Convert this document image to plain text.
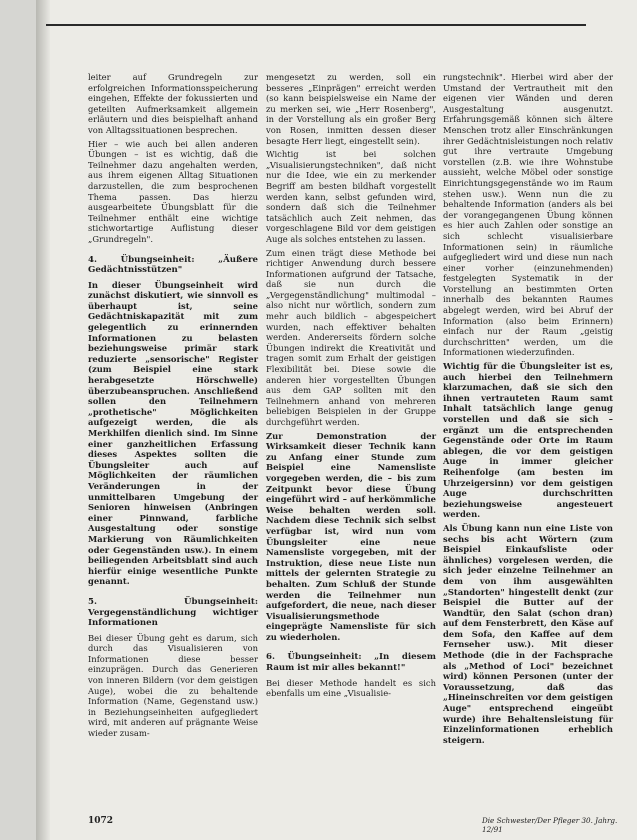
leiter auf Grundregeln zur erfolgreichen Informationsspeicherung eingehen, Effekte der fokussierten und geteilten Aufmerksamkeit allgemein erläutern und dies beispielhaft anhand von Alltagssituationen besprechen.

Hier – wie auch bei allen anderen Übungen – ist es wichtig, daß die Teilnehmer dazu angehalten werden, aus ihrem eigenen Alltag Situationen darzustellen, die zum besprochenen Thema passen. Das hierzu ausgearbeitete Übungsblatt für die Teilnehmer enthält eine wichtige stichwortartige Auflistung dieser „Grundregeln".

4. Übungseinheit: „Äußere Gedächtnisstützen"

In dieser Übungseinheit wird zunächst diskutiert, wie sinnvoll es überhaupt ist, seine Gedächtniskapazität mit zum gelegentlich zu erinnernden Informationen zu belasten beziehungsweise primär stark reduzierte „sensorische" Register (zum Beispiel eine stark herabgesetzte Hörschwelle) überzubeanspruchen. Anschließend sollen den Teilnehmern „prothetische" Möglichkeiten aufgezeigt werden, die als Merkhilfen dienlich sind. Im Sinne einer ganzheitlichen Erfassung dieses Aspektes sollten die Übungsleiter auch auf Möglichkeiten der räumlichen Veränderungen in der unmittelbaren Umgebung der Senioren hinweisen (Anbringen einer Pinnwand, farbliche Ausgestaltung oder sonstige Markierung von Räumlichkeiten oder Gegenständen usw.). In einem beiliegenden Arbeitsblatt sind auch hierfür einige wesentliche Punkte genannt.

5. Übungseinheit: Vergegenständlichung wichtiger Informationen

Bei dieser Übung geht es darum, sich durch das Visualisieren von Informationen diese besser einzuprägen. Durch das Generieren von inneren Bildern (vor dem geistigen Auge), wobei die zu behaltende Information (Name, Gegenstand usw.) in Beziehungseinheiten aufgegliedert wird, mit anderen auf prägnante Weise wieder zusam-

mengesetzt zu werden, soll ein besseres „Einprägen" erreicht werden (so kann beispielsweise ein Name der zu merken sei, wie „Herr Rosenberg", in der Vorstellung als ein großer Berg von Rosen, inmitten dessen dieser besagte Herr liegt, eingestellt sein).

Wichtig ist bei solchen „Visualisierungstechniken", daß nicht nur die Idee, wie ein zu merkender Begriff am besten bildhaft vorgestellt werden kann, selbst gefunden wird, sondern daß sich die Teilnehmer tatsächlich auch Zeit nehmen, das vorgeschlagene Bild vor dem geistigen Auge als solches entstehen zu lassen.

Zum einen trägt diese Methode bei richtiger Anwendung durch bessere Informationen aufgrund der Tatsache, daß sie nun durch die „Vergegenständlichung" multimodal – also nicht nur wörtlich, sondern zum mehr auch bildlich – abgespeichert wurden, nach effektiver behalten werden. Andererseits fördern solche Übungen indirekt die Kreativität und tragen somit zum Erhalt der geistigen Flexibilität bei. Diese sowie die anderen hier vorgestellten Übungen aus dem GAP sollten mit den Teilnehmern anhand von mehreren beliebigen Beispielen in der Gruppe durchgeführt werden.

Zur Demonstration der Wirksamkeit dieser Technik kann zu Anfang einer Stunde zum Beispiel eine Namensliste vorgegeben werden, die – bis zum Zeitpunkt bevor diese Übung eingeführt wird – auf herkömmliche Weise behalten werden soll. Nachdem diese Technik sich selbst verfügbar ist, wird nun vom Übungsleiter eine neue Namensliste vorgegeben, mit der Instruktion, diese neue Liste nun mittels der gelernten Strategie zu behalten. Zum Schluß der Stunde werden die Teilnehmer nun aufgefordert, die neue, nach dieser Visualisierungsmethode eingeprägte Namensliste für sich zu wiederholen.

6. Übungseinheit: „In diesem Raum ist mir alles bekannt!"

Bei dieser Methode handelt es sich ebenfalls um eine „Visualisie-

rungstechnik". Hierbei wird aber der Umstand der Vertrautheit mit den eigenen vier Wänden und deren Ausgestaltung ausgenutzt. Erfahrungsgemäß können sich ältere Menschen trotz aller Einschränkungen ihrer Gedächtnisleistungen noch relativ gut ihre vertraute Umgebung vorstellen (z.B. wie ihre Wohnstube aussieht, welche Möbel oder sonstige Einrichtungsgegenstände wo im Raum stehen usw.). Wenn nun die zu behaltende Information (anders als bei der vorangegangenen Übung können es hier auch Zahlen oder sonstige an sich schlecht visualisierbare Informationen sein) in räumliche aufgegliedert wird und diese nun nach einer vorher (einzunehmenden) festgelegten Systematik in der Vorstellung an bestimmten Orten innerhalb des bekannten Raumes abgelegt werden, wird bei Abruf der Information (also beim Erinnern) einfach nur der Raum „geistig durchschritten" werden, um die Informationen wiederzufinden.

Wichtig für die Übungsleiter ist es, auch hierbei den Teilnehmern klarzumachen, daß sie sich den ihnen vertrauteten Raum samt Inhalt tatsächlich lange genug vorstellen und daß sie sich – ergänzt um die entsprechenden Gegenstände oder Orte im Raum ablegen, die vor dem geistigen Auge in immer gleicher Reihenfolge (am besten im Uhrzeigersinn) vor dem geistigen Auge durchschritten beziehungsweise angesteuert werden.

Als Übung kann nun eine Liste von sechs bis acht Wörtern (zum Beispiel Einkaufsliste oder ähnliches) vorgelesen werden, die sich jeder einzelne Teilnehmer an dem von ihm ausgewählten „Standorten" hingestellt denkt (zur Beispiel die Butter auf der Wandtür, den Salat (schon dran) auf dem Fensterbrett, den Käse auf dem Sofa, den Kaffee auf dem Fernseher usw.). Mit dieser Methode (die in der Fachsprache als „Method of Loci" bezeichnet wird) können Personen (unter der Voraussetzung, daß das „Hineinschreiten vor dem geistigen Auge" entsprechend eingeübt wurde) ihre Behaltensleistung für Einzelinformationen erheblich steigern.

1072	Die Schwester/Der Pfleger 30. Jahrg. 12/91
